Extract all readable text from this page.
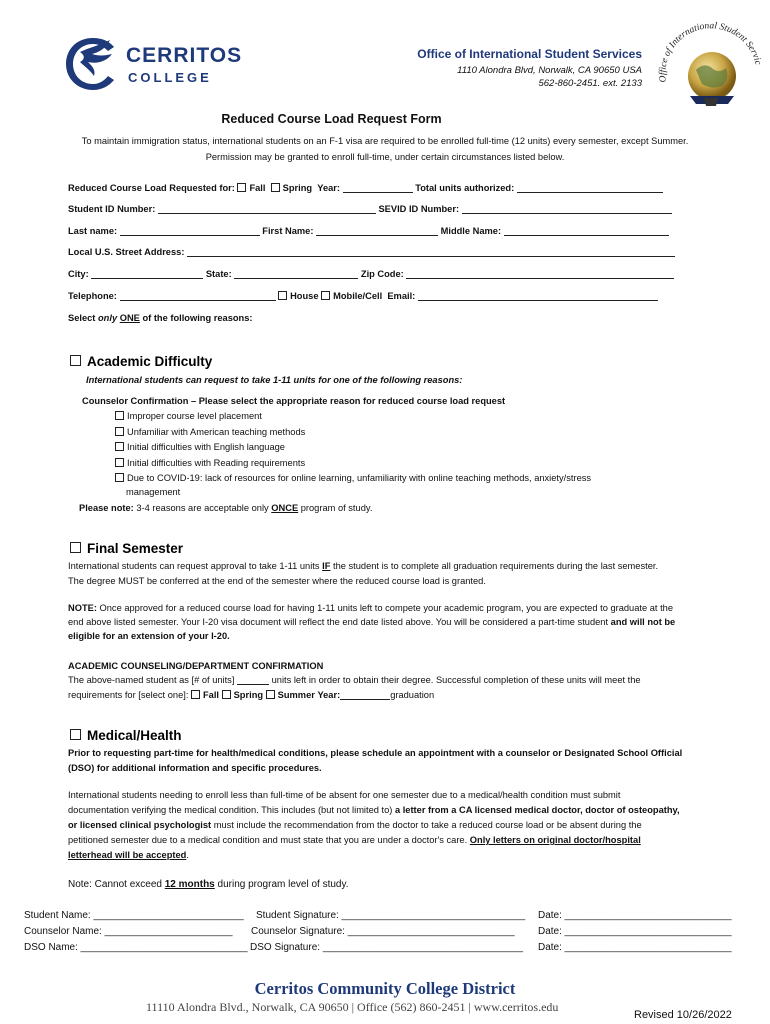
CERRITOS
COLLEGE
Office of International Student Services
1110 Alondra Blvd, Norwalk, CA 90650 USA
562-860-2451. ext. 2133	Office of International Student Servic
Reduced Course Load Request Form
To maintain immigration status, international students on an F-1 visa are required to be enrolled full-time (12 units) every semester, except Summer.
Permission may be granted to enroll full-time, under certain circumstances listed below.
Reduced Course Load Requested for: Fall Spring Year:	Total units authorized:
Student ID Number:	SEVID ID Number:
Last name:	First Name:	Middle Name:
Local U.S. Street Address:
City:	State:	Zip Code:
Telephone:	House Mobile/Cell Email:
Select only ONE of the following reasons:
Academic Difficulty
International students can request to take 1-11 units for one of the following reasons:
Counselor Confirmation – Please select the appropriate reason for reduced course load request
Improper course level placement
Unfamiliar with American teaching methods
Initial difficulties with English language
Initial difficulties with Reading requirements
Due to COVID-19: lack of resources for online learning, unfamiliarity with online teaching methods, anxiety/stress
management
Please note: 3-4 reasons are acceptable only ONCE program of study.
Final Semester
International students can request approval to take 1-11 units IF the student is to complete all graduation requirements during the last semester.
The degree MUST be conferred at the end of the semester where the reduced course load is granted.
NOTE: Once approved for a reduced course load for having 1-11 units left to compete your academic program, you are expected to graduate at the
end above listed semester. Your I-20 visa document will reflect the end date listed above. You will be considered a part-time student and will not be
eligible for an extension of your I-20.
ACADEMIC COUNSELING/DEPARTMENT CONFIRMATION
The above-named student as [# of units]	units left in order to obtain their degree. Successful completion of these units will meet the
requirements for [select one]: Fall Spring Summer Year:	graduation
Medical/Health
Prior to requesting part-time for health/medical conditions, please schedule an appointment with a counselor or Designated School Official
(DSO) for additional information and specific procedures.
International students needing to enroll less than full-time of be absent for one semester due to a medical/health condition must submit
documentation verifying the medical condition. This includes (but not limited to) a letter from a CA licensed medical doctor, doctor of osteopathy,
or licensed clinical psychologist must include the recommendation from the doctor to take a reduced course load or be absent during the
petitioned semester due to a medical condition and must state that you are under a doctor's care. Only letters on original doctor/hospital
letterhead will be accepted.
Note: Cannot exceed 12 months during program level of study.
Student Name: ___________________________ Student Signature: _________________________________ Date: ______________________________
Counselor Name: _______________________ Counselor Signature: ______________________________ Date: ______________________________
DSO Name: ______________________________ DSO Signature: ____________________________________ Date: ______________________________
Cerritos Community College District
11110 Alondra Blvd., Norwalk, CA 90650 | Office (562) 860-2451 | www.cerritos.edu
Revised 10/26/2022
